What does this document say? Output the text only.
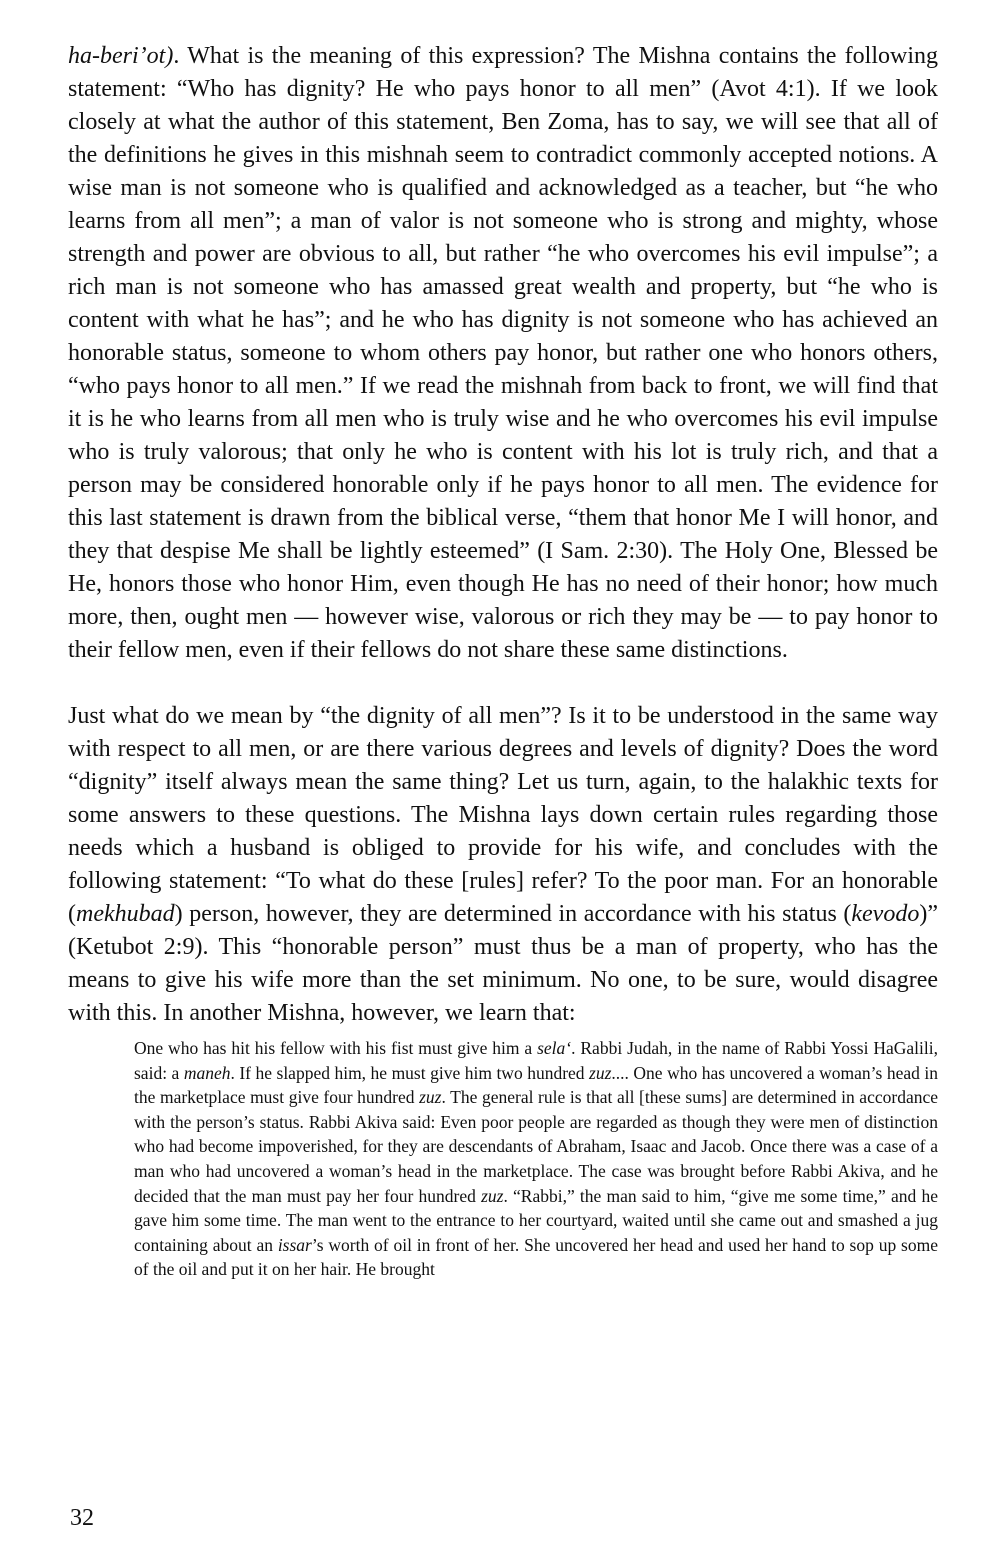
ha-beri’ot). What is the meaning of this expression? The Mishna contains the following statement: “Who has dignity? He who pays honor to all men” (Avot 4:1). If we look closely at what the author of this statement, Ben Zoma, has to say, we will see that all of the definitions he gives in this mishnah seem to contradict commonly accepted notions. A wise man is not someone who is qualified and acknowledged as a teacher, but “he who learns from all men”; a man of valor is not someone who is strong and mighty, whose strength and power are obvious to all, but rather “he who overcomes his evil impulse”; a rich man is not someone who has amassed great wealth and property, but “he who is content with what he has”; and he who has dignity is not someone who has achieved an honorable status, someone to whom others pay honor, but rather one who honors others, “who pays honor to all men.” If we read the mishnah from back to front, we will find that it is he who learns from all men who is truly wise and he who overcomes his evil impulse who is truly valorous; that only he who is content with his lot is truly rich, and that a person may be considered honorable only if he pays honor to all men. The evidence for this last statement is drawn from the biblical verse, “them that honor Me I will honor, and they that despise Me shall be lightly esteemed” (I Sam. 2:30). The Holy One, Blessed be He, honors those who honor Him, even though He has no need of their honor; how much more, then, ought men — however wise, valorous or rich they may be — to pay honor to their fellow men, even if their fellows do not share these same distinctions.

Just what do we mean by “the dignity of all men”? Is it to be understood in the same way with respect to all men, or are there various degrees and levels of dignity? Does the word “dignity” itself always mean the same thing? Let us turn, again, to the halakhic texts for some answers to these questions. The Mishna lays down certain rules regarding those needs which a husband is obliged to provide for his wife, and concludes with the following statement: “To what do these [rules] refer? To the poor man. For an honorable (mekhubad) person, however, they are determined in accordance with his status (kevodo)” (Ketubot 2:9). This “honorable person” must thus be a man of property, who has the means to give his wife more than the set minimum. No one, to be sure, would disagree with this. In another Mishna, however, we learn that:

One who has hit his fellow with his fist must give him a sela‘. Rabbi Judah, in the name of Rabbi Yossi HaGalili, said: a maneh. If he slapped him, he must give him two hundred zuz.... One who has uncovered a woman’s head in the marketplace must give four hundred zuz. The general rule is that all [these sums] are determined in accordance with the person’s status. Rabbi Akiva said: Even poor people are regarded as though they were men of distinction who had become impoverished, for they are descendants of Abraham, Isaac and Jacob. Once there was a case of a man who had uncovered a woman’s head in the marketplace. The case was brought before Rabbi Akiva, and he decided that the man must pay her four hundred zuz. “Rabbi,” the man said to him, “give me some time,” and he gave him some time. The man went to the entrance to her courtyard, waited until she came out and smashed a jug containing about an issar’s worth of oil in front of her. She uncovered her head and used her hand to sop up some of the oil and put it on her hair. He brought
32
